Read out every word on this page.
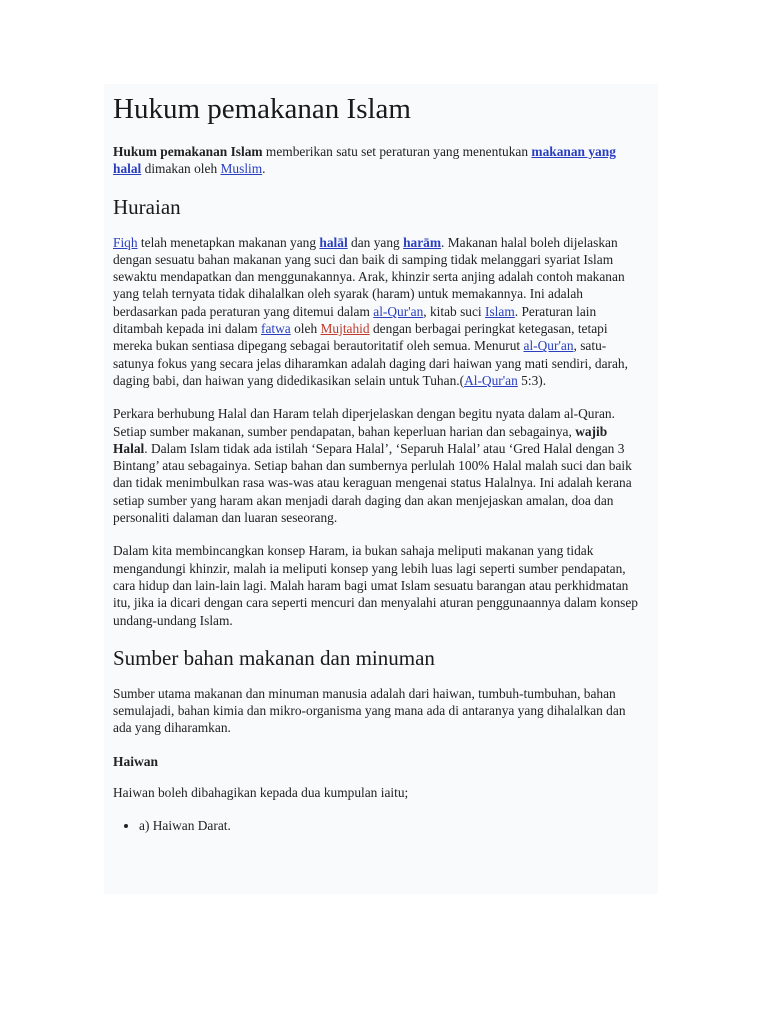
Hukum pemakanan Islam

Hukum pemakanan Islam memberikan satu set peraturan yang menentukan makanan yang halal dimakan oleh Muslim.

Huraian

Fiqh telah menetapkan makanan yang halāl dan yang harām. Makanan halal boleh dijelaskan dengan sesuatu bahan makanan yang suci dan baik di samping tidak melanggari syariat Islam sewaktu mendapatkan dan menggunakannya. Arak, khinzir serta anjing adalah contoh makanan yang telah ternyata tidak dihalalkan oleh syarak (haram) untuk memakannya. Ini adalah berdasarkan pada peraturan yang ditemui dalam al-Qur'an, kitab suci Islam. Peraturan lain ditambah kepada ini dalam fatwa oleh Mujtahid dengan berbagai peringkat ketegasan, tetapi mereka bukan sentiasa dipegang sebagai berautoritatif oleh semua. Menurut al-Qur'an, satu-satunya fokus yang secara jelas diharamkan adalah daging dari haiwan yang mati sendiri, darah, daging babi, dan haiwan yang didedikasikan selain untuk Tuhan.(Al-Qur'an 5:3).

Perkara berhubung Halal dan Haram telah diperjelaskan dengan begitu nyata dalam al-Quran. Setiap sumber makanan, sumber pendapatan, bahan keperluan harian dan sebagainya, wajib Halal. Dalam Islam tidak ada istilah ‘Separa Halal’, ‘Separuh Halal’ atau ‘Gred Halal dengan 3 Bintang’ atau sebagainya. Setiap bahan dan sumbernya perlulah 100% Halal malah suci dan baik dan tidak menimbulkan rasa was-was atau keraguan mengenai status Halalnya. Ini adalah kerana setiap sumber yang haram akan menjadi darah daging dan akan menjejaskan amalan, doa dan personaliti dalaman dan luaran seseorang.

Dalam kita membincangkan konsep Haram, ia bukan sahaja meliputi makanan yang tidak mengandungi khinzir, malah ia meliputi konsep yang lebih luas lagi seperti sumber pendapatan, cara hidup dan lain-lain lagi. Malah haram bagi umat Islam sesuatu barangan atau perkhidmatan itu, jika ia dicari dengan cara seperti mencuri dan menyalahi aturan penggunaannya dalam konsep undang-undang Islam.

Sumber bahan makanan dan minuman

Sumber utama makanan dan minuman manusia adalah dari haiwan, tumbuh-tumbuhan, bahan semulajadi, bahan kimia dan mikro-organisma yang mana ada di antaranya yang dihalalkan dan ada yang diharamkan.

Haiwan

Haiwan boleh dibahagikan kepada dua kumpulan iaitu;

• a) Haiwan Darat.
